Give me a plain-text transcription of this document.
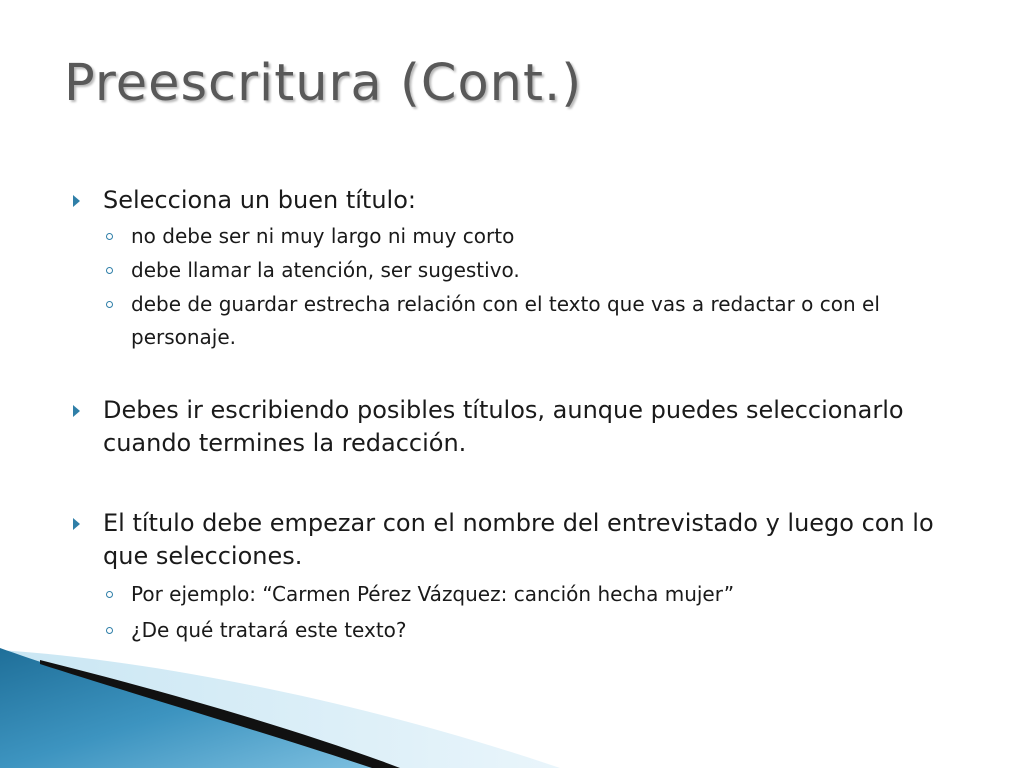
Preescritura (Cont.)
Selecciona un buen título:
no debe ser ni muy largo ni muy corto
debe llamar la atención, ser sugestivo.
debe de guardar estrecha relación con el texto que vas a redactar o con el personaje.
Debes ir escribiendo posibles títulos, aunque puedes seleccionarlo cuando termines la redacción.
El título debe empezar con el nombre del entrevistado y luego con lo que selecciones.
Por ejemplo: “Carmen Pérez Vázquez: canción hecha mujer”
¿De qué tratará este texto?
